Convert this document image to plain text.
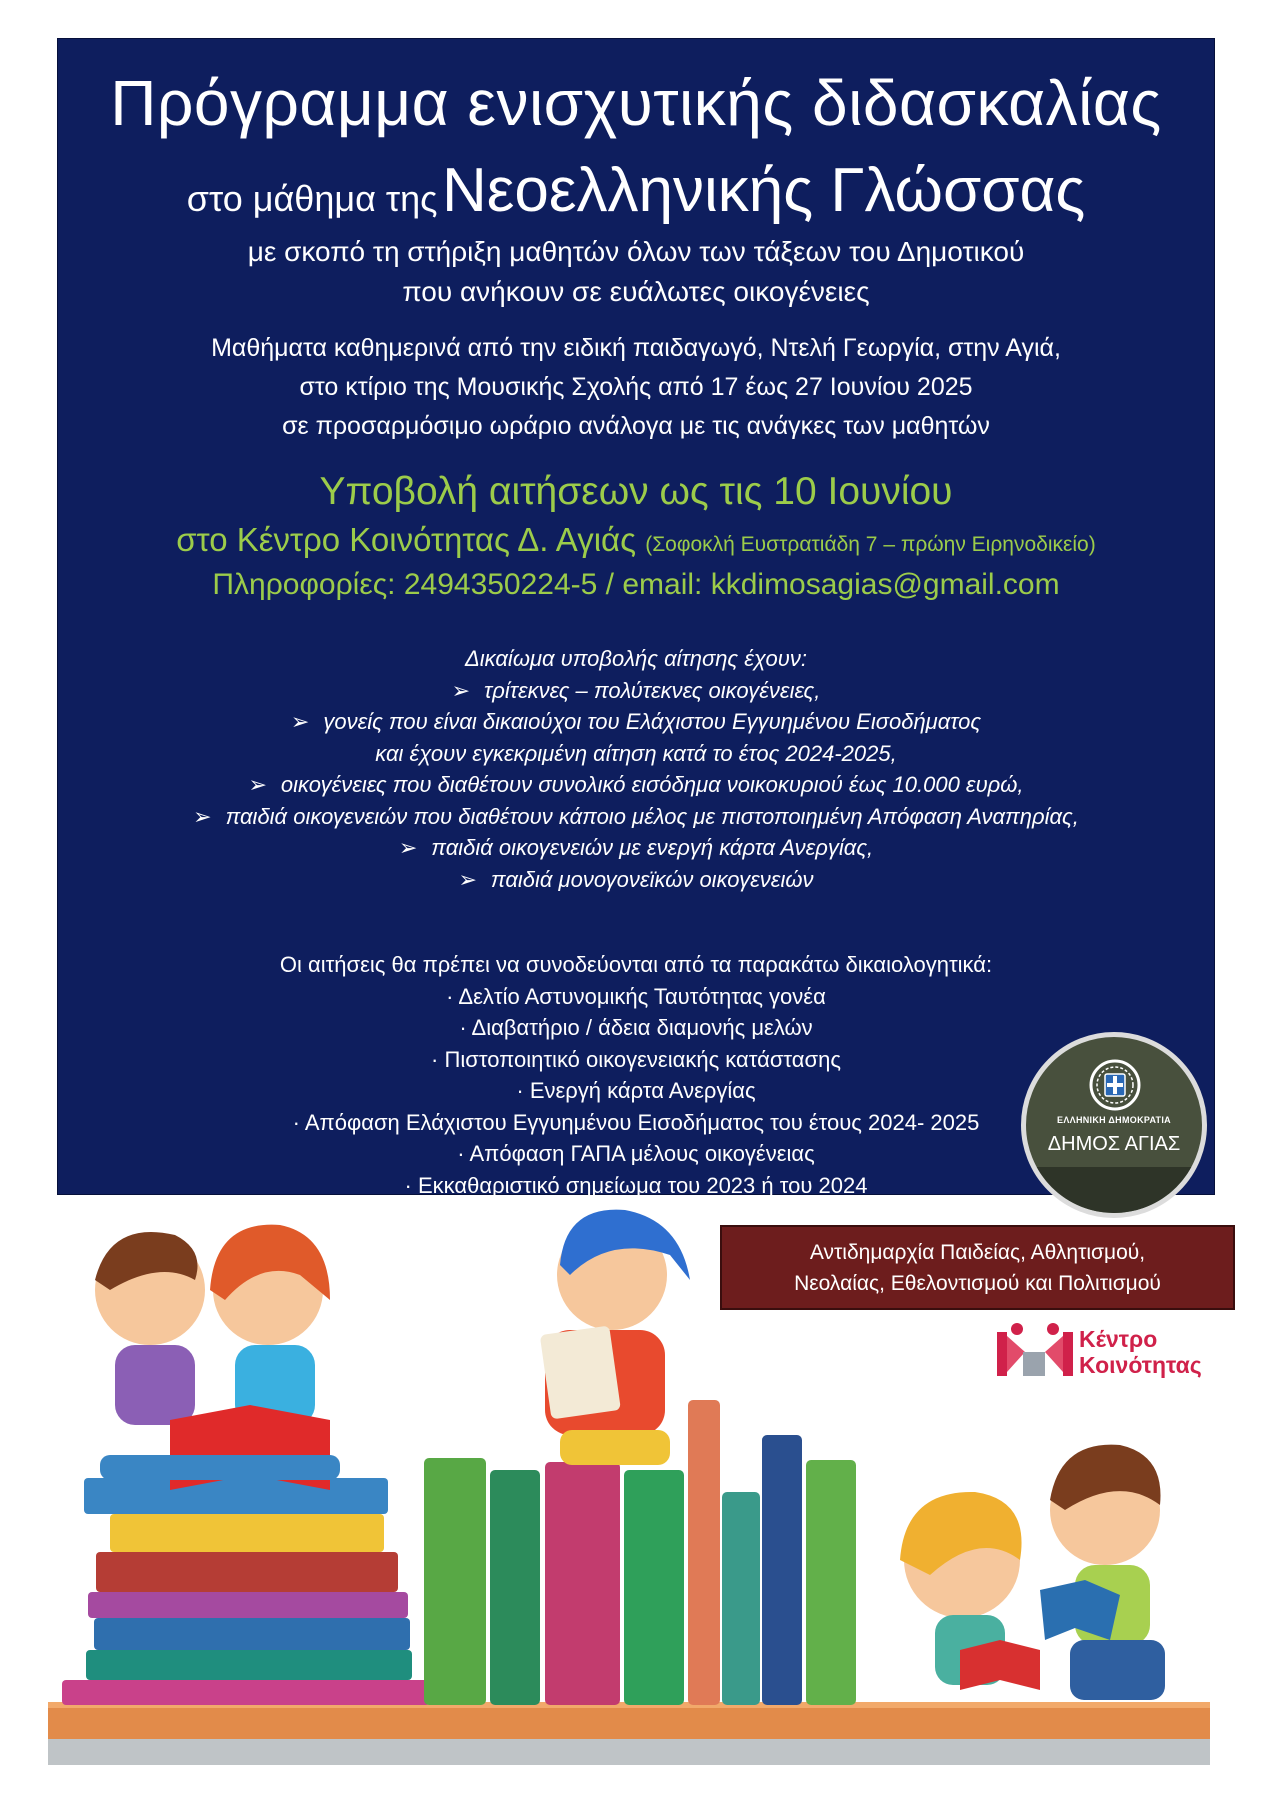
Πρόγραμμα ενισχυτικής διδασκαλίας
στο μάθημα της Νεοελληνικής Γλώσσας
με σκοπό τη στήριξη μαθητών όλων των τάξεων του Δημοτικού
που ανήκουν σε ευάλωτες οικογένειες
Μαθήματα καθημερινά από την ειδική παιδαγωγό, Ντελή Γεωργία, στην Αγιά,
στο κτίριο της Μουσικής Σχολής από 17 έως 27 Ιουνίου 2025
σε προσαρμόσιμο ωράριο ανάλογα με τις ανάγκες των μαθητών
Υποβολή αιτήσεων ως τις 10 Ιουνίου
στο Κέντρο Κοινότητας Δ. Αγιάς (Σοφοκλή Ευστρατιάδη 7 – πρώην Ειρηνοδικείο)
Πληροφορίες: 2494350224-5 / email: kkdimosagias@gmail.com
Δικαίωμα υποβολής αίτησης έχουν:
➢ τρίτεκνες – πολύτεκνες οικογένειες,
➢ γονείς που είναι δικαιούχοι του Ελάχιστου Εγγυημένου Εισοδήματος
και έχουν εγκεκριμένη αίτηση κατά το έτος 2024-2025,
➢ οικογένειες που διαθέτουν συνολικό εισόδημα νοικοκυριού έως 10.000 ευρώ,
➢ παιδιά οικογενειών που διαθέτουν κάποιο μέλος με πιστοποιημένη Απόφαση Αναπηρίας,
➢ παιδιά οικογενειών με ενεργή κάρτα Ανεργίας,
➢ παιδιά μονογονεϊκών οικογενειών
Οι αιτήσεις θα πρέπει να συνοδεύονται από τα παρακάτω δικαιολογητικά:
· Δελτίο Αστυνομικής Ταυτότητας γονέα
· Διαβατήριο / άδεια διαμονής μελών
· Πιστοποιητικό οικογενειακής κατάστασης
· Ενεργή κάρτα Ανεργίας
· Απόφαση Ελάχιστου Εγγυημένου Εισοδήματος του έτους 2024- 2025
· Απόφαση ΓΑΠΑ μέλους οικογένειας
· Εκκαθαριστικό σημείωμα του 2023 ή του 2024
ΕΛΛΗΝΙΚΗ ΔΗΜΟΚΡΑΤΙΑ
ΔΗΜΟΣ ΑΓΙΑΣ
Αντιδημαρχία Παιδείας, Αθλητισμού,
Νεολαίας, Εθελοντισμού και Πολιτισμού
Κέντρο
Κοινότητας
